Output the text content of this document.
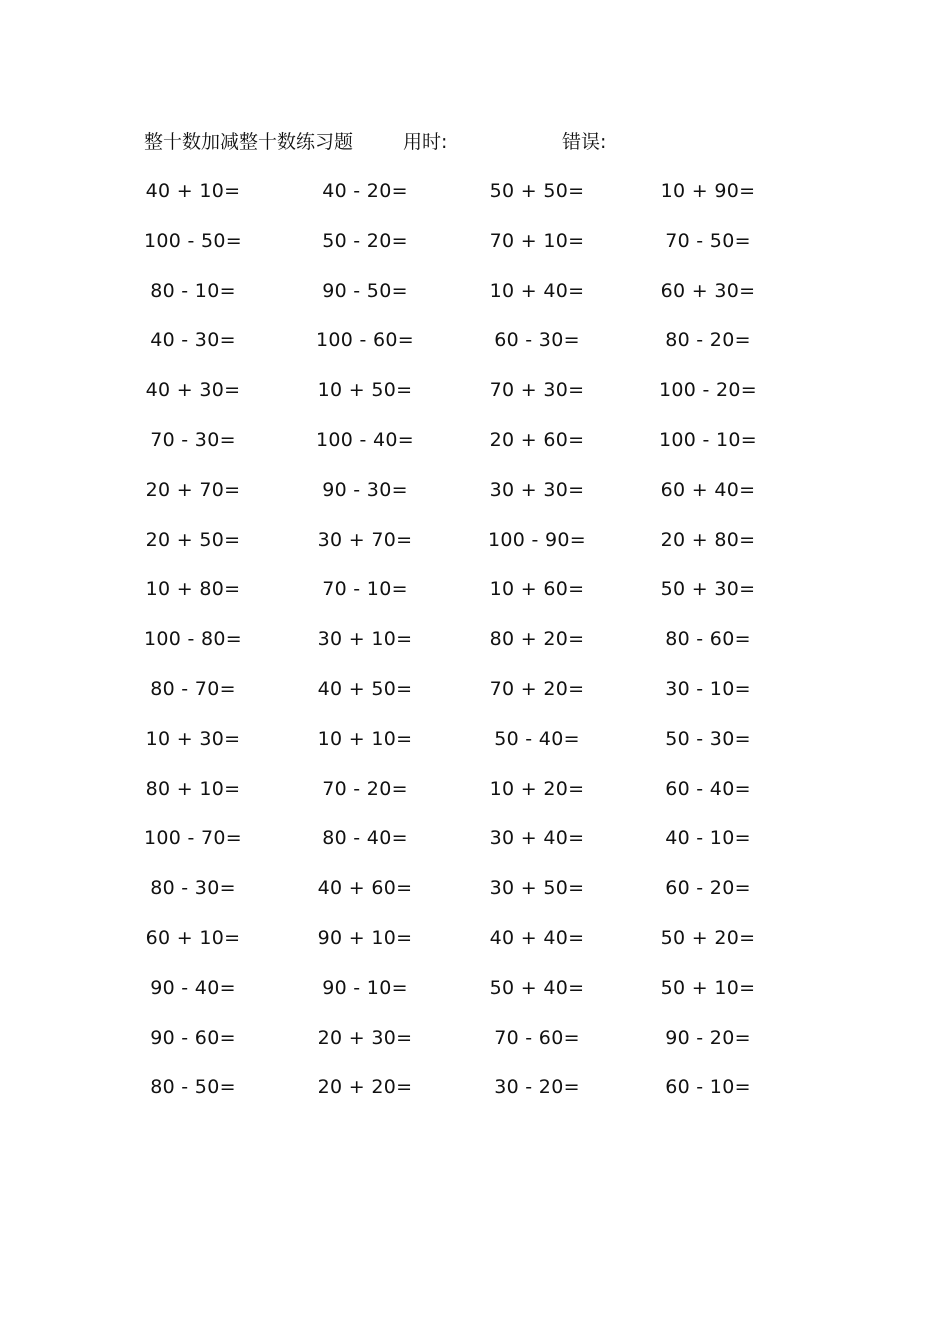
整十数加减整十数练习题	用时:	错误:
40 + 10=	40 - 20=	50 + 50=	10 + 90=
100 - 50=	50 - 20=	70 + 10=	70 - 50=
80 - 10=	90 - 50=	10 + 40=	60 + 30=
40 - 30=	100 - 60=	60 - 30=	80 - 20=
40 + 30=	10 + 50=	70 + 30=	100 - 20=
70 - 30=	100 - 40=	20 + 60=	100 - 10=
20 + 70=	90 - 30=	30 + 30=	60 + 40=
20 + 50=	30 + 70=	100 - 90=	20 + 80=
10 + 80=	70 - 10=	10 + 60=	50 + 30=
100 - 80=	30 + 10=	80 + 20=	80 - 60=
80 - 70=	40 + 50=	70 + 20=	30 - 10=
10 + 30=	10 + 10=	50 - 40=	50 - 30=
80 + 10=	70 - 20=	10 + 20=	60 - 40=
100 - 70=	80 - 40=	30 + 40=	40 - 10=
80 - 30=	40 + 60=	30 + 50=	60 - 20=
60 + 10=	90 + 10=	40 + 40=	50 + 20=
90 - 40=	90 - 10=	50 + 40=	50 + 10=
90 - 60=	20 + 30=	70 - 60=	90 - 20=
80 - 50=	20 + 20=	30 - 20=	60 - 10=
